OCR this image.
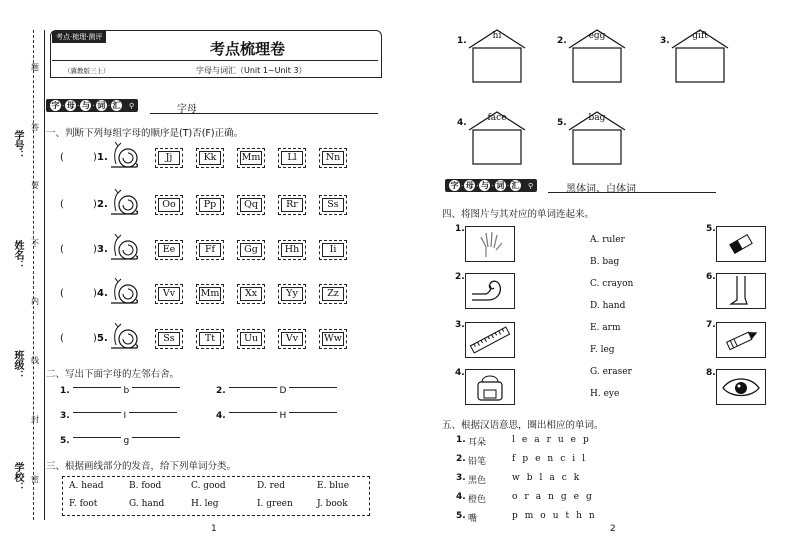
学号：
姓名：
班级：
学校：
题
答
要
不
内
线
封
密
考点·梳理·测评
考点梳理卷
（冀教版三上）	字母与词汇（Unit 1~Unit 3）
字 · 母 · 与 · 词 · 汇 ⚲	字母
一、判断下列每组字母的顺序是(T)否(F)正确。
(	) 1.	Jj	Kk	Mm	Ll	Nn
(	) 2.	Oo	Pp	Qq	Rr	Ss
(	) 3.	Ee	Ff	Gg	Hh	Ii
(	) 4.	Vv	Mm	Xx	Yy	Zz
(	) 5.	Ss	Tt	Uu	Vv	Ww
二、写出下面字母的左邻右舍。
1.	b	2.	D
3.	I	4.	H
5.	g
三、根据画线部分的发音，给下列单词分类。
A. head	B. food	C. good	D. red	E. blue
F. foot	G. hand	H. leg	I. green	J. book
1
1.	hi	2.	egg	3.	gift
4.	face	5.	bag
字 · 母 · 与 · 词 · 汇 ⚲	黑体词、白体词
四、将图片与其对应的单词连起来。
1.
2.
3.
4.
A. ruler
B. bag
C. crayon
D. hand
E. arm
F. leg
G. eraser
H. eye
5.
6.
7.
8.
五、根据汉语意思，圈出相应的单词。
1. 耳朵	learuep
2. 铅笔	fpencil
3. 黑色	wblack
4. 橙色	orangeg
5. 嘴	pmouthn
2
